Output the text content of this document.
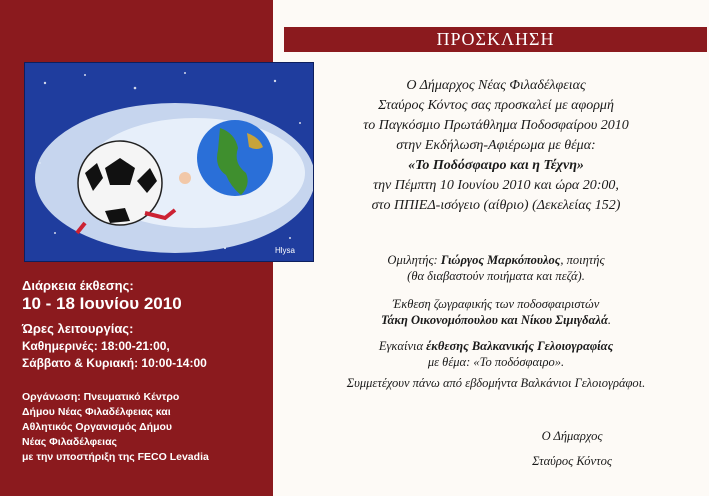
Hlysa
Διάρκεια έκθεσης:
10 - 18 Ιουνίου 2010
Ώρες λειτουργίας:
Καθημερινές: 18:00-21:00,
Σάββατο & Κυριακή: 10:00-14:00
Οργάνωση: Πνευματικό Κέντρο
Δήμου Νέας Φιλαδέλφειας και
Αθλητικός Οργανισμός Δήμου
Νέας Φιλαδέλφειας
με την υποστήριξη της FECO Levadia
ΠΡΟΣΚΛΗΣΗ
Ο Δήμαρχος Νέας Φιλαδέλφειας
Σταύρος Κόντος σας προσκαλεί με αφορμή
το Παγκόσμιο Πρωτάθλημα Ποδοσφαίρου 2010
στην Εκδήλωση-Αφιέρωμα με θέμα:
«Το Ποδόσφαιρο και η Τέχνη»
την Πέμπτη 10 Ιουνίου 2010 και ώρα 20:00,
στο ΠΠΙΕΔ-ισόγειο (αίθριο) (Δεκελείας 152)
Ομιλητής: Γιώργος Μαρκόπουλος, ποιητής
(θα διαβαστούν ποιήματα και πεζά).
Έκθεση ζωγραφικής των ποδοσφαιριστών
Τάκη Οικονομόπουλου και Νίκου Σιμιγδαλά.
Εγκαίνια έκθεσης Βαλκανικής Γελοιογραφίας
με θέμα: «Το ποδόσφαιρο».
Συμμετέχουν πάνω από εβδομήντα Βαλκάνιοι Γελοιογράφοι.
Ο Δήμαρχος
Σταύρος Κόντος
